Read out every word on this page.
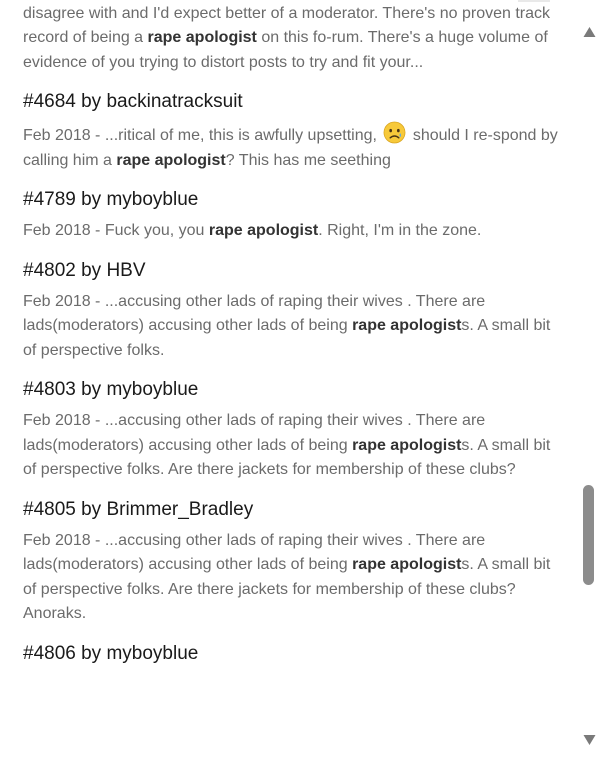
disagree with and I'd expect better of a moderator. There's no proven track record of being a rape apologist on this fo-rum. There's a huge volume of evidence of you trying to distort posts to try and fit your...

#4684 by backinatracksuit

Feb 2018 - ...ritical of me, this is awfully upsetting,  should I re-spond by calling him a rape apologist? This has me seething

#4789 by myboyblue

Feb 2018 - Fuck you, you rape apologist. Right, I'm in the zone.

#4802 by HBV

Feb 2018 - ...accusing other lads of raping their wives . There are lads(moderators) accusing other lads of being rape apologists. A small bit of perspective folks.

#4803 by myboyblue

Feb 2018 - ...accusing other lads of raping their wives . There are lads(moderators) accusing other lads of being rape apologists. A small bit of perspective folks. Are there jackets for membership of these clubs?

#4805 by Brimmer_Bradley

Feb 2018 - ...accusing other lads of raping their wives . There are lads(moderators) accusing other lads of being rape apologists. A small bit of perspective folks. Are there jackets for membership of these clubs? Anoraks.

#4806 by myboyblue
